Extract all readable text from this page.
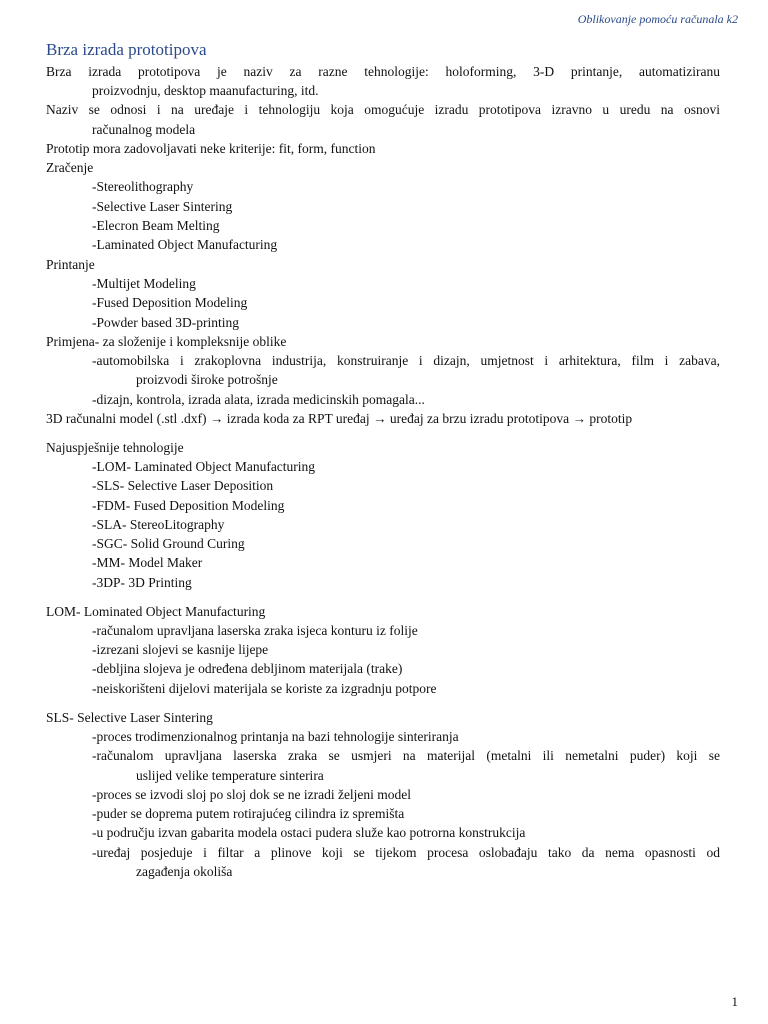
Oblikovanje pomoću računala k2
Brza izrada prototipova
Brza izrada prototipova je naziv za razne tehnologije: holoforming, 3-D printanje, automatiziranu
proizvodnju, desktop maanufacturing, itd.
Naziv se odnosi i na uređaje i tehnologiju koja omogućuje izradu prototipova izravno u uredu na osnovi
računalnog modela
Prototip mora zadovoljavati neke kriterije: fit, form, function
Zračenje
-Stereolithography
-Selective Laser Sintering
-Elecron Beam Melting
-Laminated Object Manufacturing
Printanje
-Multijet Modeling
-Fused Deposition Modeling
-Powder based 3D-printing
Primjena- za složenije i kompleksnije oblike
-automobilska i zrakoplovna industrija, konstruiranje i dizajn, umjetnost i arhitektura, film i zabava,
proizvodi široke potrošnje
-dizajn, kontrola, izrada alata, izrada medicinskih pomagala...
3D računalni model (.stl .dxf) → izrada koda za RPT uređaj → uređaj za brzu izradu prototipova → prototip
Najuspješnije tehnologije
-LOM- Laminated Object Manufacturing
-SLS- Selective Laser Deposition
-FDM- Fused Deposition Modeling
-SLA- StereoLitography
-SGC- Solid Ground Curing
-MM- Model Maker
-3DP- 3D Printing
LOM- Lominated Object Manufacturing
-računalom upravljana laserska zraka isjeca konturu iz folije
-izrezani slojevi se kasnije lijepe
-debljina slojeva je određena debljinom materijala (trake)
-neiskorišteni dijelovi materijala se koriste za izgradnju potpore
SLS- Selective Laser Sintering
-proces trodimenzionalnog printanja na bazi tehnologije sinteriranja
-računalom upravljana laserska zraka se usmjeri na materijal (metalni ili nemetalni puder) koji se
uslijed velike temperature sinterira
-proces se izvodi sloj po sloj dok se ne izradi željeni model
-puder se doprema putem rotirajućeg cilindra iz spremišta
-u području izvan gabarita modela ostaci pudera služe kao potrorna konstrukcija
-uređaj posjeduje i filtar a plinove koji se tijekom procesa oslobađaju tako da nema opasnosti od
zagađenja okoliša
1
